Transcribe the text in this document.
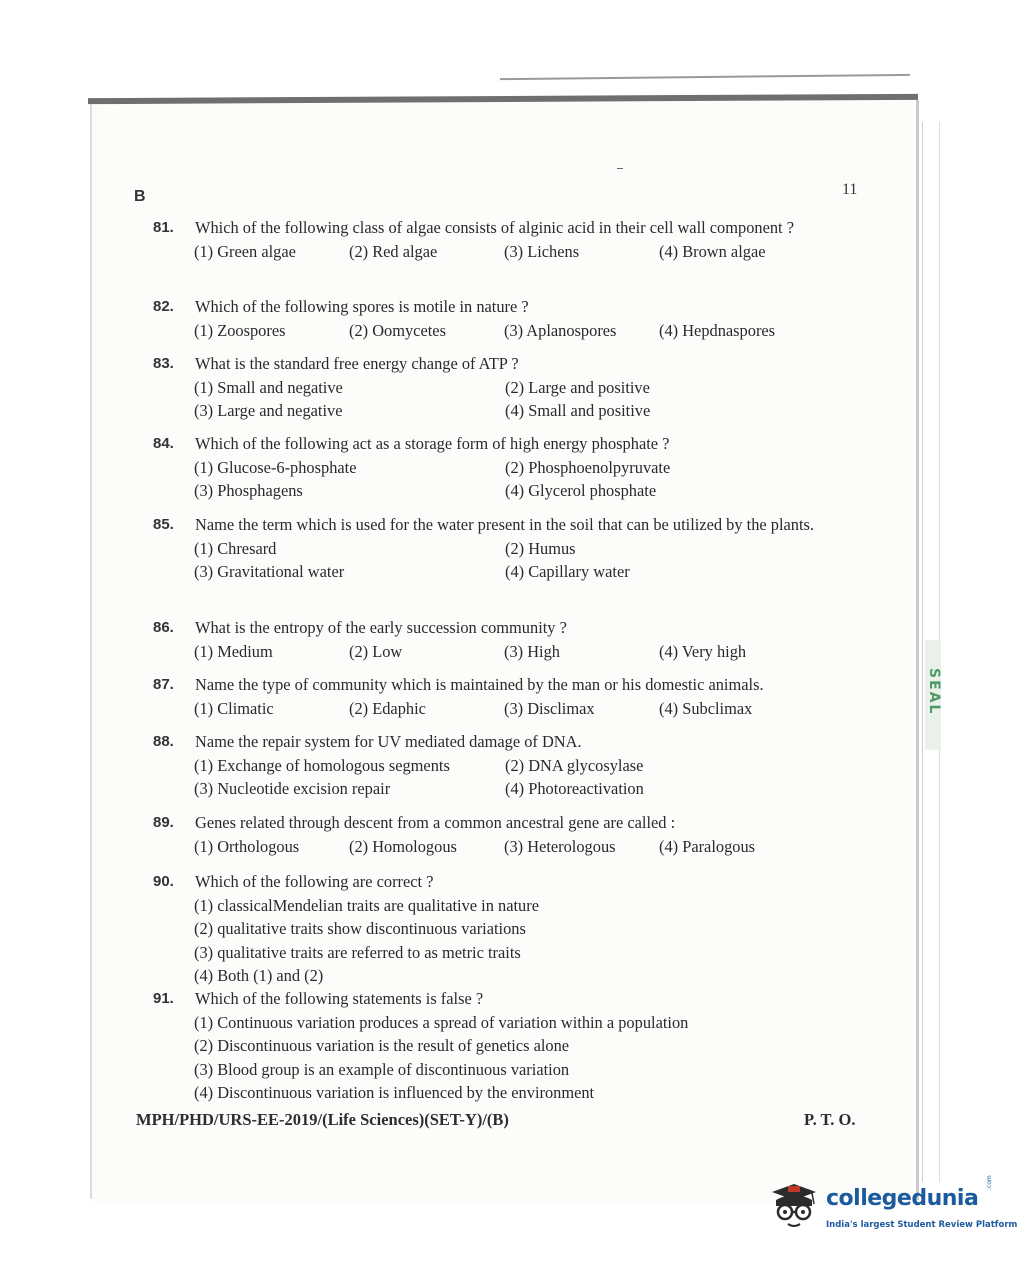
SEAL
B	11
81. Which of the following class of algae consists of alginic acid in their cell wall component ?
(1) Green algae	(2) Red algae	(3) Lichens	(4) Brown algae
82. Which of the following spores is motile in nature ?
(1) Zoospores	(2) Oomycetes	(3) Aplanospores	(4) Hepdnaspores
83. What is the standard free energy change of ATP ?
(1) Small and negative	(2) Large and positive
(3) Large and negative	(4) Small and positive
84. Which of the following act as a storage form of high energy phosphate ?
(1) Glucose-6-phosphate	(2) Phosphoenolpyruvate
(3) Phosphagens	(4) Glycerol phosphate
85. Name the term which is used for the water present in the soil that can be utilized by the plants.
(1) Chresard	(2) Humus
(3) Gravitational water	(4) Capillary water
86. What is the entropy of the early succession community ?
(1) Medium	(2) Low	(3) High	(4) Very high
87. Name the type of community which is maintained by the man or his domestic animals.
(1) Climatic	(2) Edaphic	(3) Disclimax	(4) Subclimax
88. Name the repair system for UV mediated damage of DNA.
(1) Exchange of homologous segments	(2) DNA glycosylase
(3) Nucleotide excision repair	(4) Photoreactivation
89. Genes related through descent from a common ancestral gene are called :
(1) Orthologous	(2) Homologous	(3) Heterologous	(4) Paralogous
90. Which of the following are correct ?
(1) classicalMendelian traits are qualitative in nature
(2) qualitative traits show discontinuous variations
(3) qualitative traits are referred to as metric traits
(4) Both (1) and (2)
91. Which of the following statements is false ?
(1) Continuous variation produces a spread of variation within a population
(2) Discontinuous variation is the result of genetics alone
(3) Blood group is an example of discontinuous variation
(4) Discontinuous variation is influenced by the environment
MPH/PHD/URS-EE-2019/(Life Sciences)(SET-Y)/(B)	P. T. O.
collegedunia
.com
India's largest Student Review Platform
